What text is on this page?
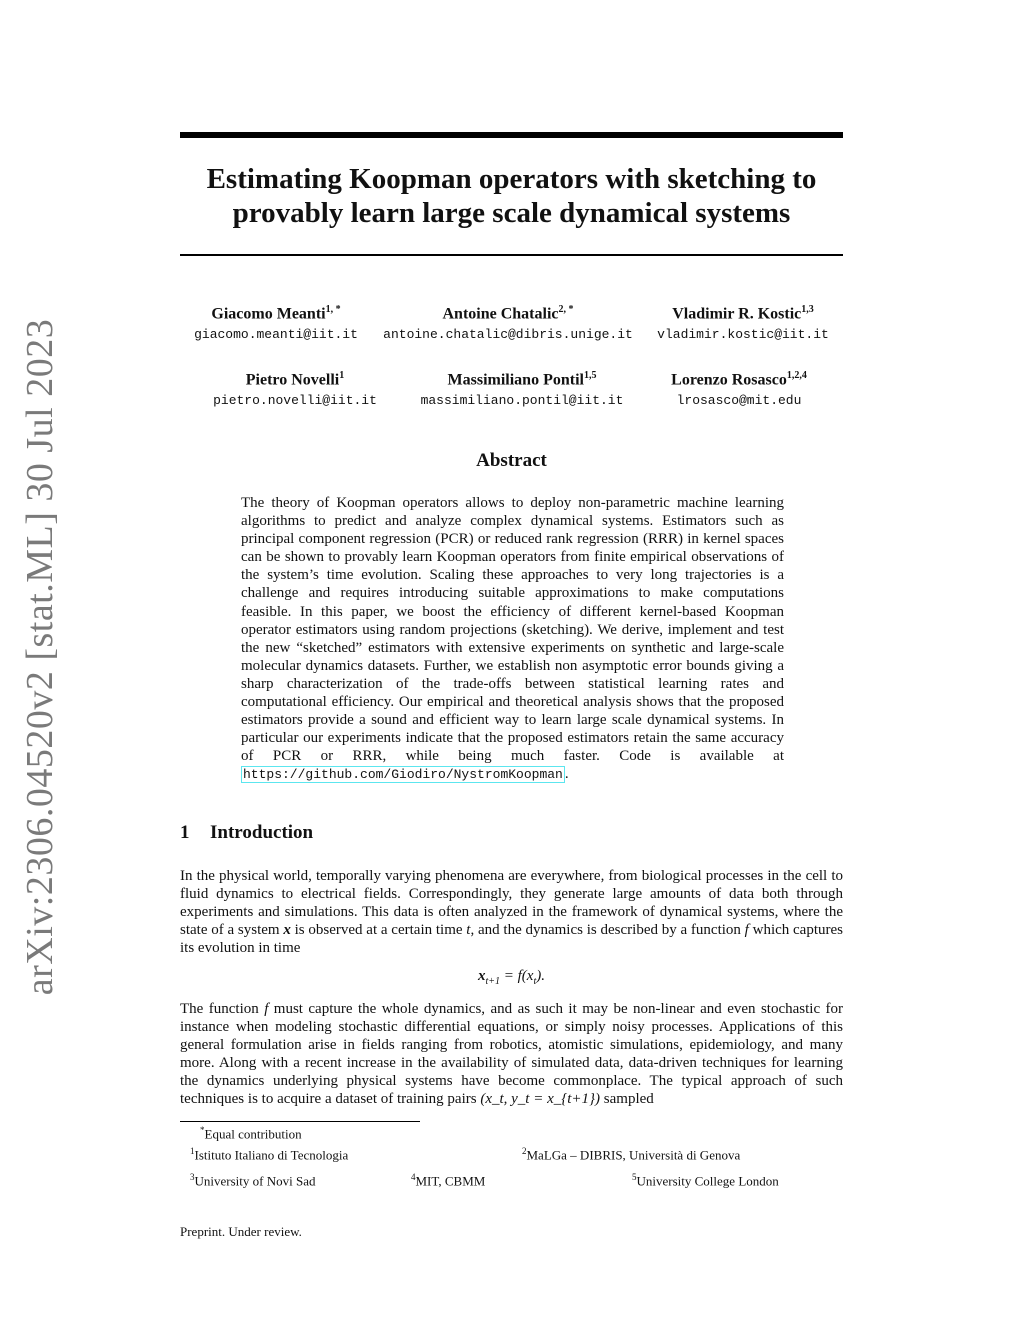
arXiv:2306.04520v2 [stat.ML] 30 Jul 2023
Estimating Koopman operators with sketching to
provably learn large scale dynamical systems
Giacomo Meanti$^{1, *}$
giacomo.meanti@iit.it
Antoine Chatalic$^{2, *}$
antoine.chatalic@dibris.unige.it
Vladimir R. Kostic$^{1,3}$
vladimir.kostic@iit.it
Pietro Novelli$^1$
pietro.novelli@iit.it
Massimiliano Pontil$^{1,5}$
massimiliano.pontil@iit.it
Lorenzo Rosasco$^{1,2,4}$
lrosasco@mit.edu
Abstract
The theory of Koopman operators allows to deploy non-parametric machine learning algorithms to predict and analyze complex dynamical systems. Estimators such as principal component regression (PCR) or reduced rank regression (RRR) in kernel spaces can be shown to provably learn Koopman operators from finite empirical observations of the system’s time evolution. Scaling these approaches to very long trajectories is a challenge and requires introducing suitable approximations to make computations feasible. In this paper, we boost the efficiency of different kernel-based Koopman operator estimators using random projections (sketching). We derive, implement and test the new “sketched” estimators with extensive experiments on synthetic and large-scale molecular dynamics datasets. Further, we establish non asymptotic error bounds giving a sharp characterization of the trade-offs between statistical learning rates and computational efficiency. Our empirical and theoretical analysis shows that the proposed estimators provide a sound and efficient way to learn large scale dynamical systems. In particular our experiments indicate that the proposed estimators retain the same accuracy of PCR or RRR, while being much faster. Code is available at https://github.com/Giodiro/NystromKoopman .
1 Introduction
In the physical world, temporally varying phenomena are everywhere, from biological processes in the cell to fluid dynamics to electrical fields. Correspondingly, they generate large amounts of data both through experiments and simulations. This data is often analyzed in the framework of dynamical systems, where the state of a system x is observed at a certain time t, and the dynamics is described by a function f which captures its evolution in time
$x_{t+1} = f(x_t)$.
The function f must capture the whole dynamics, and as such it may be non-linear and even stochastic for instance when modeling stochastic differential equations, or simply noisy processes. Applications of this general formulation arise in fields ranging from robotics, atomistic simulations, epidemiology, and many more. Along with a recent increase in the availability of simulated data, data-driven techniques for learning the dynamics underlying physical systems have become commonplace. The typical approach of such techniques is to acquire a dataset of training pairs (x_t, y_t = x_{t+1}) sampled
*Equal contribution
$^1$Istituto Italiano di Tecnologia	$^2$MaLGa – DIBRIS, Università di Genova
$^3$University of Novi Sad	$^4$MIT, CBMM	$^5$University College London
Preprint. Under review.
